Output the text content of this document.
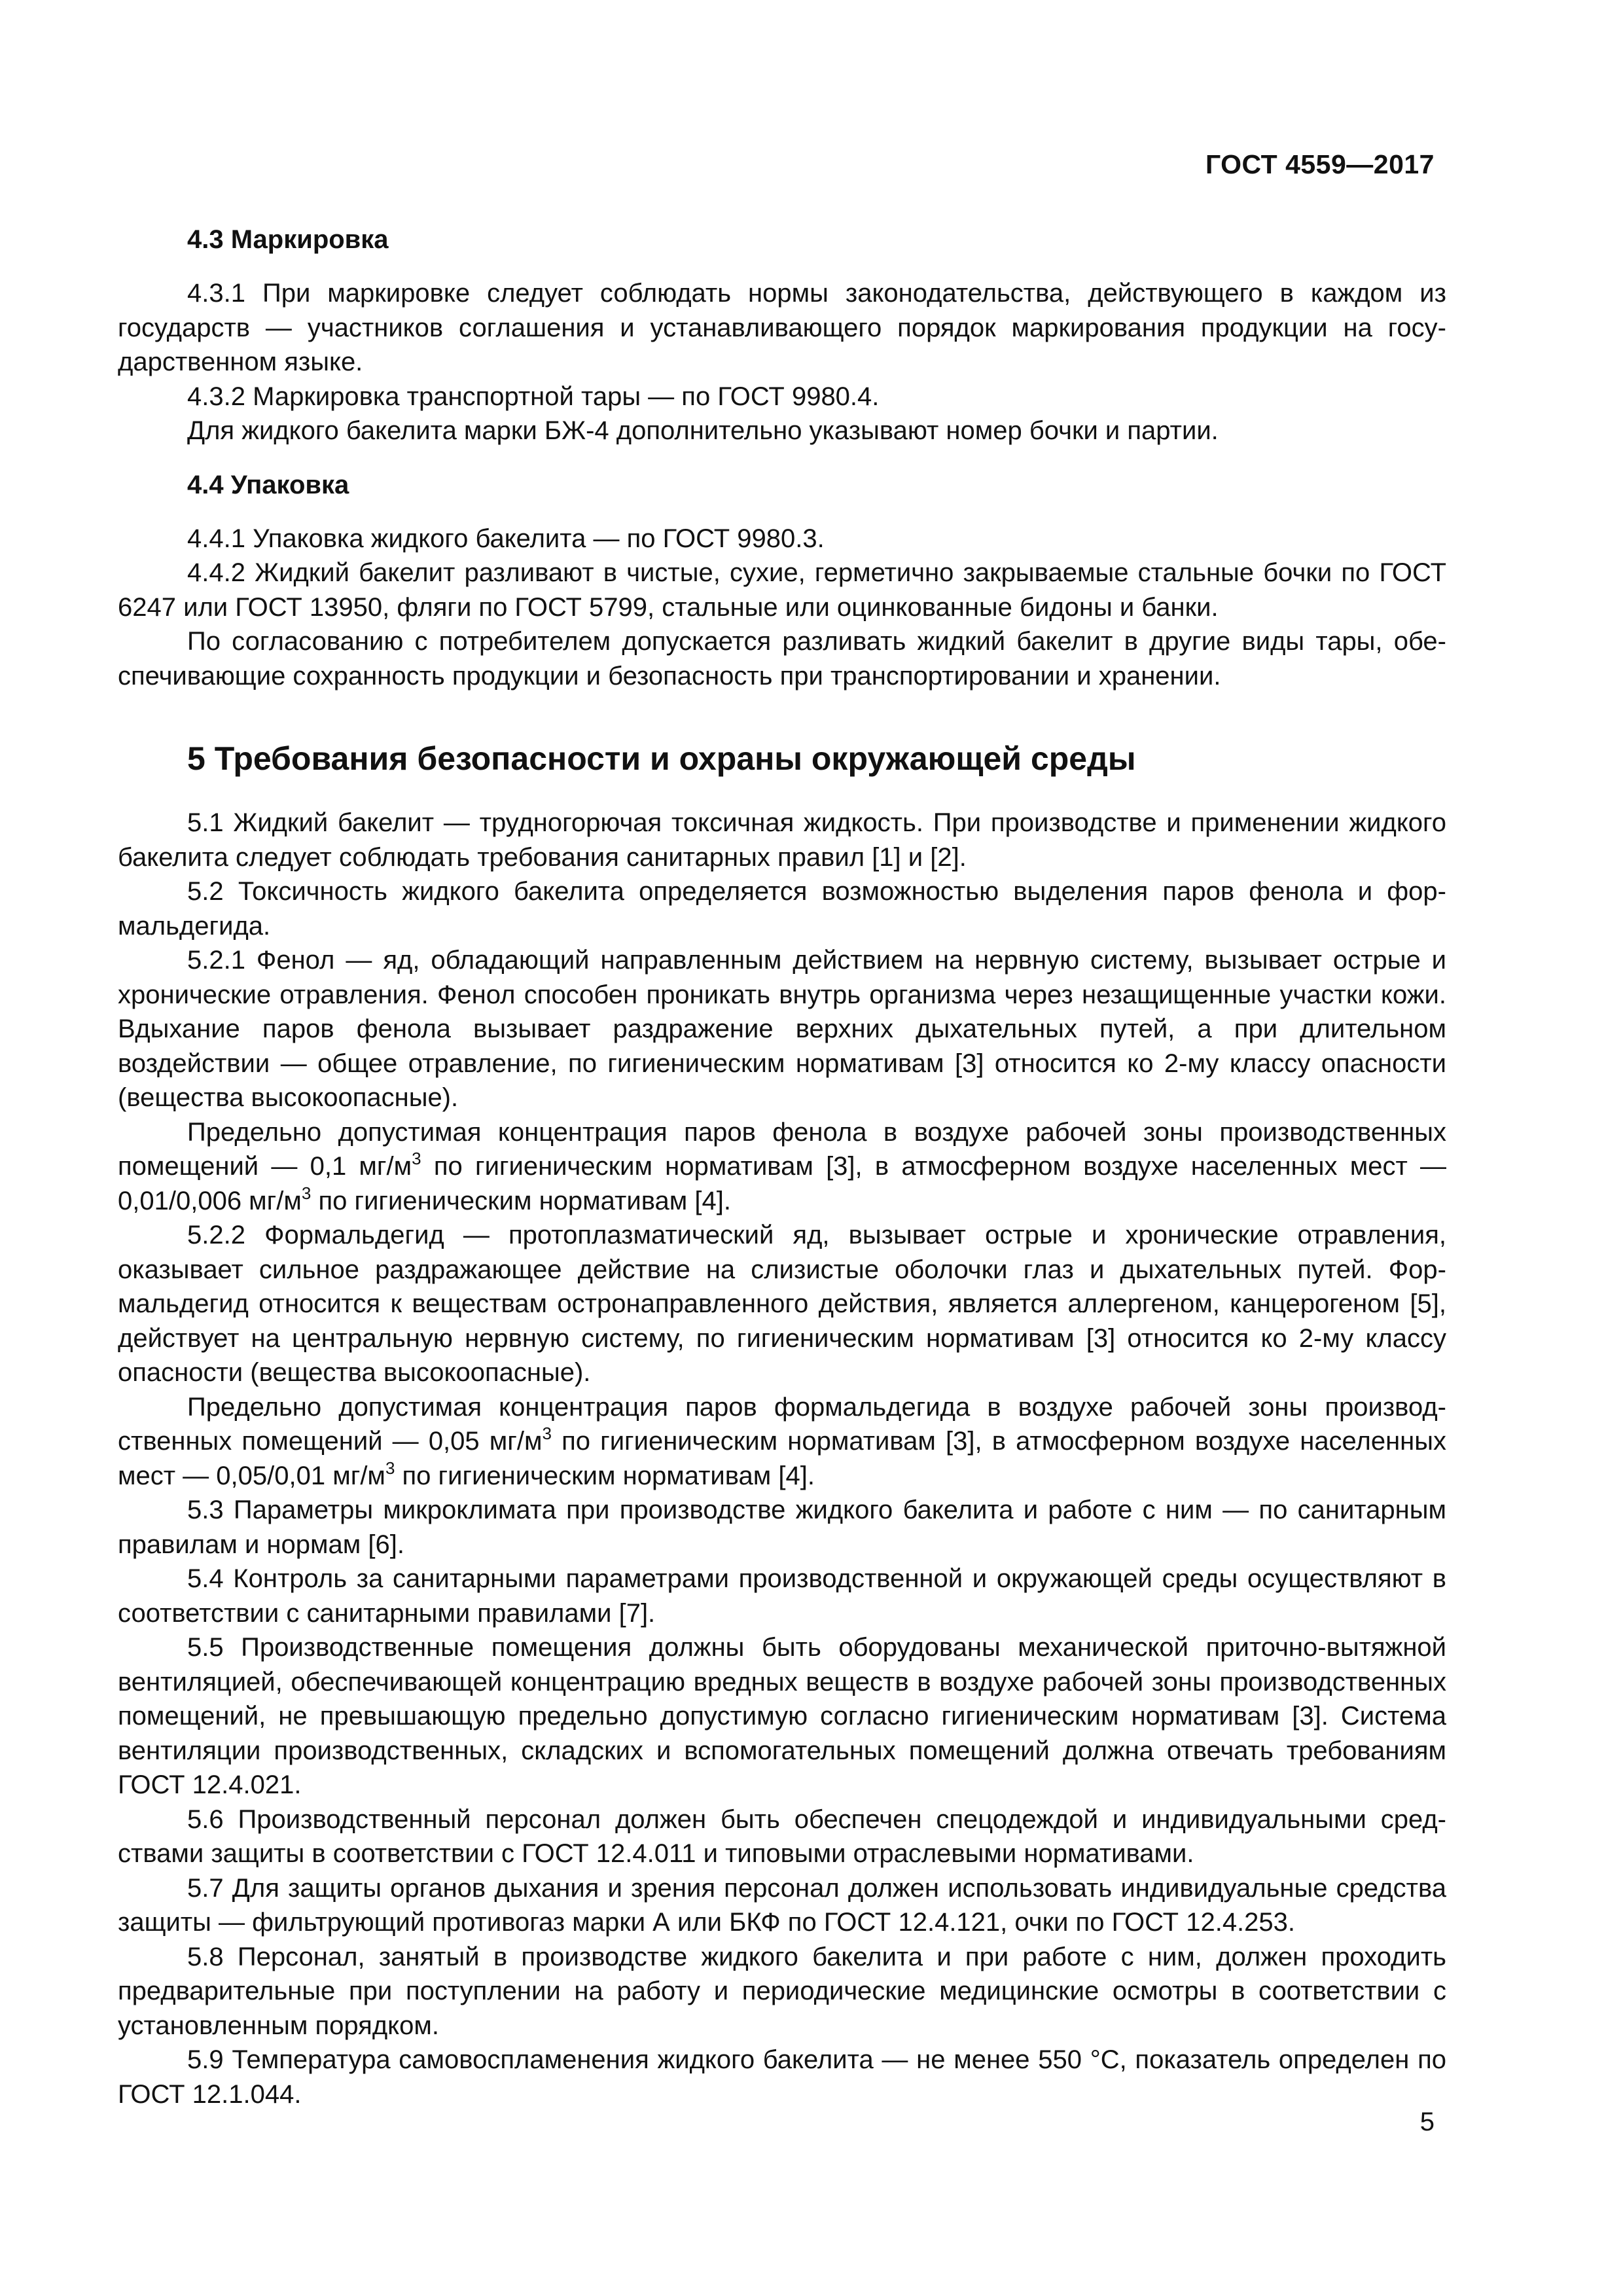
ГОСТ 4559—2017
4.3 Маркировка

4.3.1 При маркировке следует соблюдать нормы законодательства, действующего в каждом из государств — участников соглашения и устанавливающего порядок маркирования продукции на государственном языке.

4.3.2 Маркировка транспортной тары — по ГОСТ 9980.4.

Для жидкого бакелита марки БЖ-4 дополнительно указывают номер бочки и партии.

4.4 Упаковка

4.4.1 Упаковка жидкого бакелита — по ГОСТ 9980.3.

4.4.2 Жидкий бакелит разливают в чистые, сухие, герметично закрываемые стальные бочки по ГОСТ 6247 или ГОСТ 13950, фляги по ГОСТ 5799, стальные или оцинкованные бидоны и банки.

По согласованию с потребителем допускается разливать жидкий бакелит в другие виды тары, обеспечивающие сохранность продукции и безопасность при транспортировании и хранении.

5 Требования безопасности и охраны окружающей среды

5.1 Жидкий бакелит — трудногорючая токсичная жидкость. При производстве и применении жидкого бакелита следует соблюдать требования санитарных правил [1] и [2].

5.2 Токсичность жидкого бакелита определяется возможностью выделения паров фенола и формальдегида.

5.2.1 Фенол — яд, обладающий направленным действием на нервную систему, вызывает острые и хронические отравления. Фенол способен проникать внутрь организма через незащищенные участки кожи. Вдыхание паров фенола вызывает раздражение верхних дыхательных путей, а при длительном воздействии — общее отравление, по гигиеническим нормативам [3] относится ко 2-му классу опасности (вещества высокоопасные).

Предельно допустимая концентрация паров фенола в воздухе рабочей зоны производственных помещений — 0,1 $мг/м^3$ по гигиеническим нормативам [3], в атмосферном воздухе населенных мест — 0,01/0,006 $мг/м^3$ по гигиеническим нормативам [4].

5.2.2 Формальдегид — протоплазматический яд, вызывает острые и хронические отравления, оказывает сильное раздражающее действие на слизистые оболочки глаз и дыхательных путей. Формальдегид относится к веществам остронаправленного действия, является аллергеном, канцерогеном [5], действует на центральную нервную систему, по гигиеническим нормативам [3] относится ко 2-му классу опасности (вещества высокоопасные).

Предельно допустимая концентрация паров формальдегида в воздухе рабочей зоны производственных помещений — 0,05 $мг/м^3$ по гигиеническим нормативам [3], в атмосферном воздухе населенных мест — 0,05/0,01 $мг/м^3$ по гигиеническим нормативам [4].

5.3 Параметры микроклимата при производстве жидкого бакелита и работе с ним — по санитарным правилам и нормам [6].

5.4 Контроль за санитарными параметрами производственной и окружающей среды осуществляют в соответствии с санитарными правилами [7].

5.5 Производственные помещения должны быть оборудованы механической приточно-вытяжной вентиляцией, обеспечивающей концентрацию вредных веществ в воздухе рабочей зоны производственных помещений, не превышающую предельно допустимую согласно гигиеническим нормативам [3]. Система вентиляции производственных, складских и вспомогательных помещений должна отвечать требованиям ГОСТ 12.4.021.

5.6 Производственный персонал должен быть обеспечен спецодеждой и индивидуальными средствами защиты в соответствии с ГОСТ 12.4.011 и типовыми отраслевыми нормативами.

5.7 Для защиты органов дыхания и зрения персонал должен использовать индивидуальные средства защиты — фильтрующий противогаз марки А или БКФ по ГОСТ 12.4.121, очки по ГОСТ 12.4.253.

5.8 Персонал, занятый в производстве жидкого бакелита и при работе с ним, должен проходить предварительные при поступлении на работу и периодические медицинские осмотры в соответствии с установленным порядком.

5.9 Температура самовоспламенения жидкого бакелита — не менее 550 °С, показатель определен по ГОСТ 12.1.044.

5
